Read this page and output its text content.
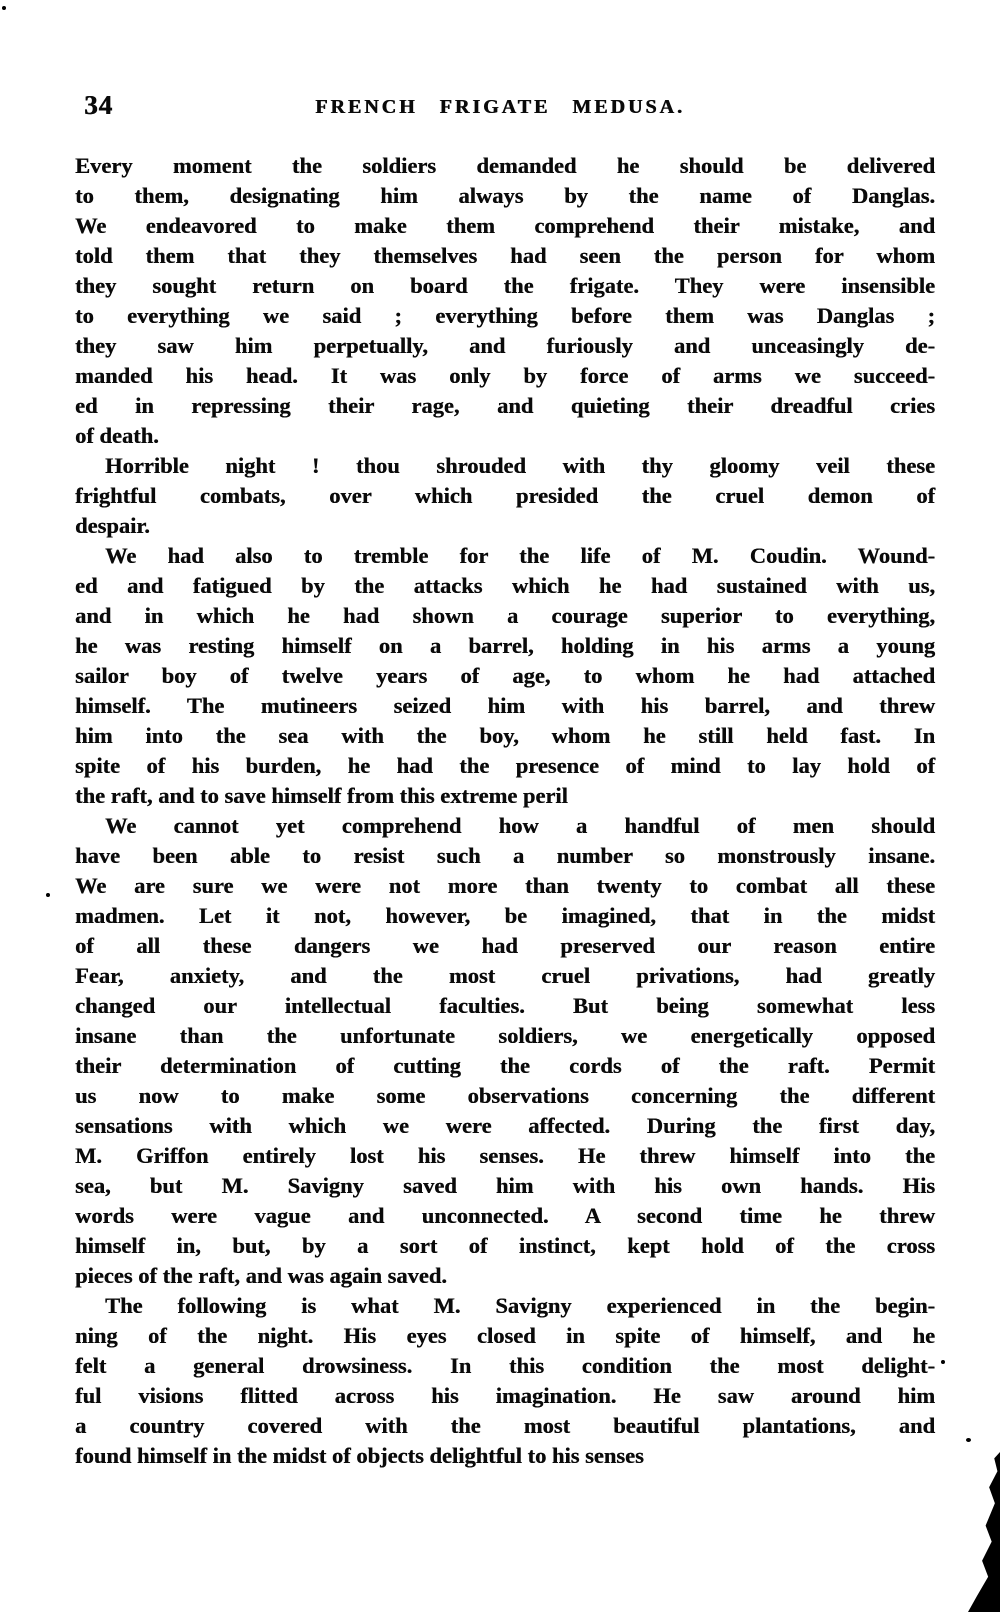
34	FRENCH FRIGATE MEDUSA.
Every moment the soldiers demanded he should be delivered
to them, designating him always by the name of Danglas.
We endeavored to make them comprehend their mistake, and
told them that they themselves had seen the person for whom
they sought return on board the frigate. They were insensible
to everything we said ; everything before them was Danglas ;
they saw him perpetually, and furiously and unceasingly de-
manded his head. It was only by force of arms we succeed-
ed in repressing their rage, and quieting their dreadful cries
of death.
Horrible night ! thou shrouded with thy gloomy veil these
frightful combats, over which presided the cruel demon of
despair.
We had also to tremble for the life of M. Coudin. Wound-
ed and fatigued by the attacks which he had sustained with us,
and in which he had shown a courage superior to everything,
he was resting himself on a barrel, holding in his arms a young
sailor boy of twelve years of age, to whom he had attached
himself. The mutineers seized him with his barrel, and threw
him into the sea with the boy, whom he still held fast. In
spite of his burden, he had the presence of mind to lay hold of
the raft, and to save himself from this extreme peril
We cannot yet comprehend how a handful of men should
have been able to resist such a number so monstrously insane.
We are sure we were not more than twenty to combat all these
madmen. Let it not, however, be imagined, that in the midst
of all these dangers we had preserved our reason entire
Fear, anxiety, and the most cruel privations, had greatly
changed our intellectual faculties. But being somewhat less
insane than the unfortunate soldiers, we energetically opposed
their determination of cutting the cords of the raft. Permit
us now to make some observations concerning the different
sensations with which we were affected. During the first day,
M. Griffon entirely lost his senses. He threw himself into the
sea, but M. Savigny saved him with his own hands. His
words were vague and unconnected. A second time he threw
himself in, but, by a sort of instinct, kept hold of the cross
pieces of the raft, and was again saved.
The following is what M. Savigny experienced in the begin-
ning of the night. His eyes closed in spite of himself, and he
felt a general drowsiness. In this condition the most delight-
ful visions flitted across his imagination. He saw around him
a country covered with the most beautiful plantations, and
found himself in the midst of objects delightful to his senses
